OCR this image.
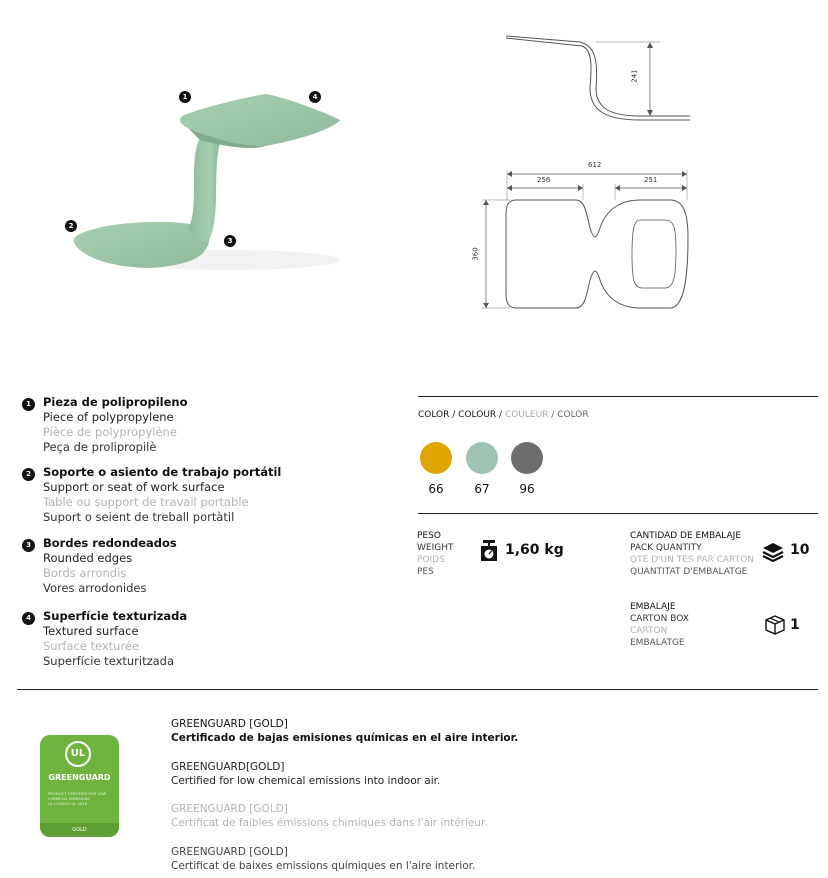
1	4
2
3
241
612
256	251
360
1	Pieza de polipropileno
Piece of polypropylene
Pièce de polypropylène
Peça de prolipropilè
2	Soporte o asiento de trabajo portátil
Support or seat of work surface
Table ou support de travail portable
Suport o seient de treball portàtil
3	Bordes redondeados
Rounded edges
Bords arrondis
Vores arrodonides
4	Superfície texturizada
Textured surface
Surface texturée
Superfície texturitzada
COLOR / COLOUR / COULEUR / COLOR
66	67	96
PESO
WEIGHT
POIDS
PES
1,60 kg
CANTIDAD DE EMBALAJE
PACK QUANTITY
QTÉ D'UN TÉS PAR CARTON
QUANTITAT D'EMBALATGE
10
EMBALAJE
CARTON BOX
CARTON
EMBALATGE
1
UL
GREENGUARD
PRODUCT CERTIFIED FOR LOW CHEMICAL EMISSIONS UL.COM/GG UL 2818
GOLD
GREENGUARD [GOLD]
Certificado de bajas emisiones químicas en el aire interior.
GREENGUARD[GOLD]
Certified for low chemical emissions into indoor air.
GREENGUARD [GOLD]
Certificat de faibles émissions chimiques dans l'air intérieur.
GREENGUARD [GOLD]
Certificat de baixes emissions químiques en l'aire interior.
